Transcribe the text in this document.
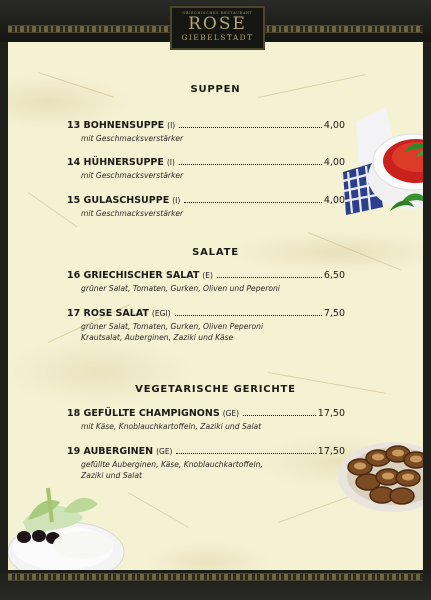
SUPPEN
13 BOHNENSUPPE (I)	4,00
mit Geschmacksverstärker
14 HÜHNERSUPPE (I)	4,00
mit Geschmacksverstärker
15 GULASCHSUPPE (I)	4,00
mit Geschmacksverstärker
SALATE
16 GRIECHISCHER SALAT (E)	6,50
grüner Salat, Tomaten, Gurken, Oliven und Peperoni
17 ROSE SALAT (EGI)	7,50
grüner Salat, Tomaten, Gurken, Oliven Peperoni
Krautsalat, Auberginen, Zaziki und Käse
VEGETARISCHE GERICHTE
18 GEFÜLLTE CHAMPIGNONS (GE)	17,50
mit Käse, Knoblauchkartoffeln, Zaziki und Salat
19 AUBERGINEN (GE)	17,50
gefüllte Auberginen, Käse, Knoblauchkartoffeln,
Zaziki und Salat
GRIECHISCHES RESTAURANT
ROSE
GIEBELSTADT
